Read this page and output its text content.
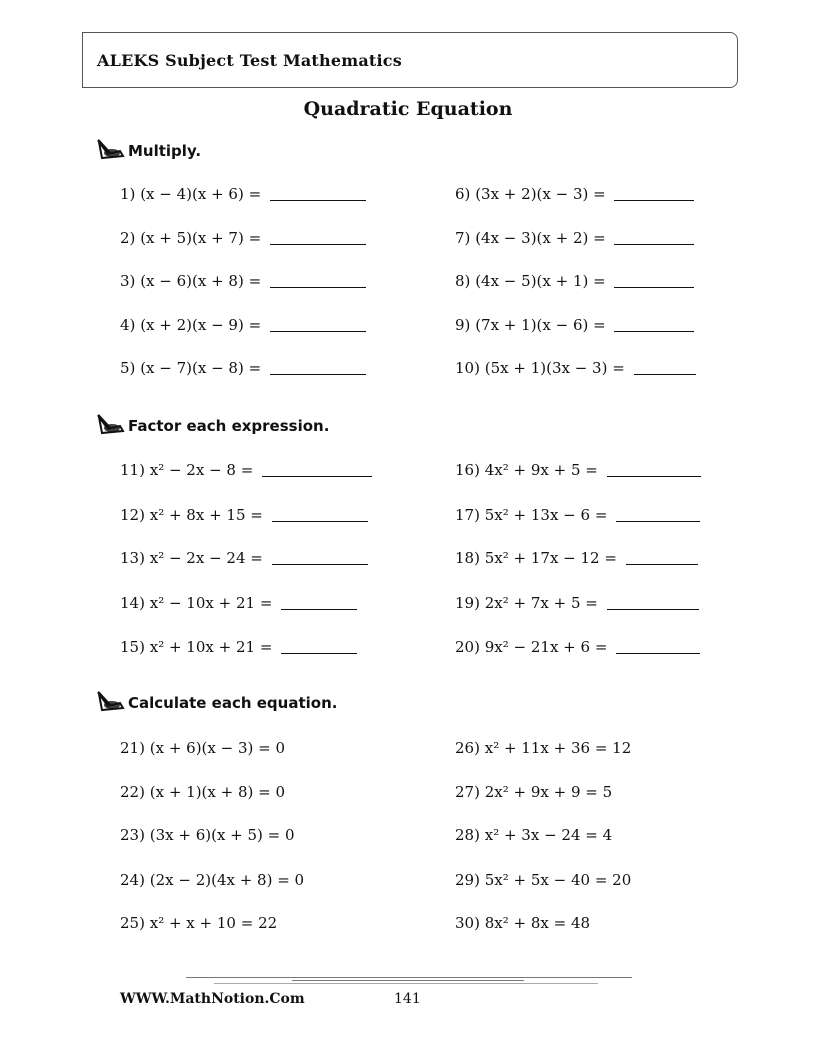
ALEKS Subject Test Mathematics
Quadratic Equation
Multiply.
1) (x − 4)(x + 6) =
2) (x + 5)(x + 7) =
3) (x − 6)(x + 8) =
4) (x + 2)(x − 9) =
5) (x − 7)(x − 8) =
6) (3x + 2)(x − 3) =
7) (4x − 3)(x + 2) =
8) (4x − 5)(x + 1) =
9) (7x + 1)(x − 6) =
10) (5x + 1)(3x − 3) =
Factor each expression.
11) x² − 2x − 8 =
12) x² + 8x + 15 =
13) x² − 2x − 24 =
14) x² − 10x + 21 =
15) x² + 10x + 21 =
16) 4x² + 9x + 5 =
17) 5x² + 13x − 6 =
18) 5x² + 17x − 12 =
19) 2x² + 7x + 5 =
20) 9x² − 21x + 6 =
Calculate each equation.
21) (x + 6)(x − 3) = 0
22) (x + 1)(x + 8) = 0
23) (3x + 6)(x + 5) = 0
24) (2x − 2)(4x + 8) = 0
25) x² + x + 10 = 22
26) x² + 11x + 36 = 12
27) 2x² + 9x + 9 = 5
28) x² + 3x − 24 = 4
29) 5x² + 5x − 40 = 20
30) 8x² + 8x = 48
WWW.MathNotion.Com	141
